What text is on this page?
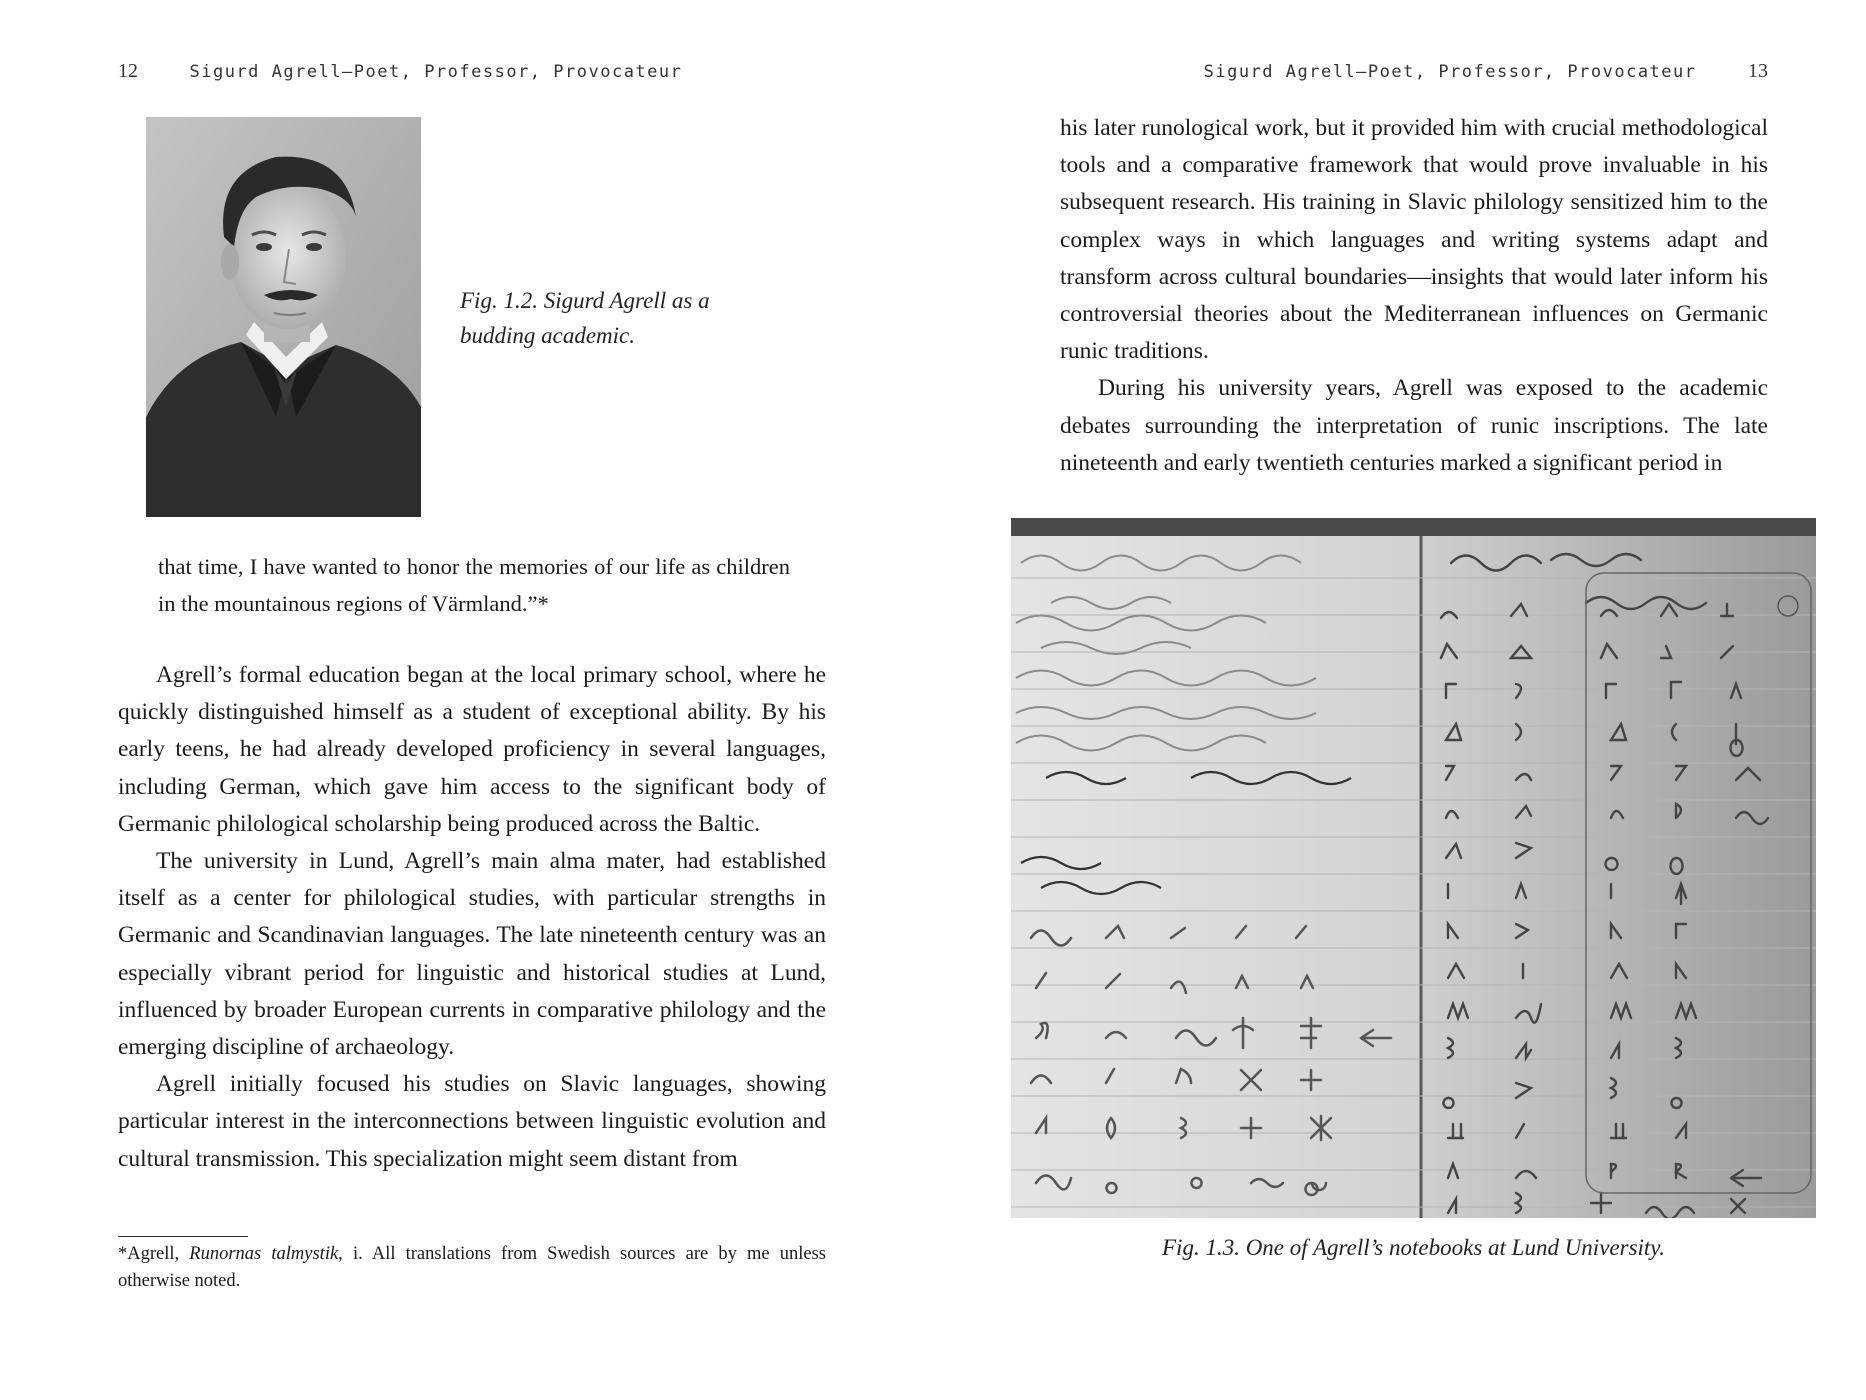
12	Sigurd Agrell—Poet, Professor, Provocateur
Fig. 1.2. Sigurd Agrell as a budding academic.

that time, I have wanted to honor the memories of our life as children in the mountainous regions of Värmland.”*

Agrell’s formal education began at the local primary school, where he quickly distinguished himself as a student of exceptional ability. By his early teens, he had already developed proficiency in several languages, including German, which gave him access to the significant body of Germanic philological scholarship being produced across the Baltic.

The university in Lund, Agrell’s main alma mater, had established itself as a center for philological studies, with particular strengths in Germanic and Scandinavian languages. The late nineteenth century was an especially vibrant period for linguistic and historical studies at Lund, influenced by broader European currents in comparative philology and the emerging discipline of archaeology.

Agrell initially focused his studies on Slavic languages, showing particular interest in the interconnections between linguistic evolution and cultural transmission. This specialization might seem distant from

*Agrell, Runornas talmystik, i. All translations from Swedish sources are by me unless otherwise noted.

Sigurd Agrell—Poet, Professor, Provocateur	13

his later runological work, but it provided him with crucial methodological tools and a comparative framework that would prove invaluable in his subsequent research. His training in Slavic philology sensitized him to the complex ways in which languages and writing systems adapt and transform across cultural boundaries—insights that would later inform his controversial theories about the Mediterranean influences on Germanic runic traditions.

During his university years, Agrell was exposed to the academic debates surrounding the interpretation of runic inscriptions. The late nineteenth and early twentieth centuries marked a significant period in

Fig. 1.3. One of Agrell’s notebooks at Lund University.
